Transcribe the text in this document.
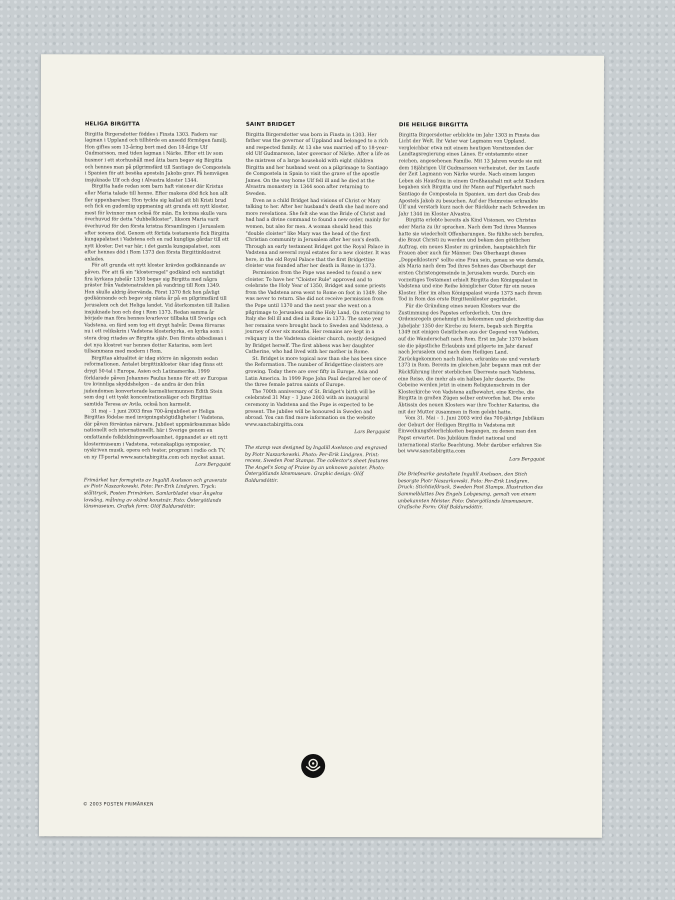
HELIGA BIRGITTA

Birgitta Birgersdotter föddes i Finsta 1303. Fadern var lagman i Uppland och tillhörde en ansedd förmögen familj. Hon giftes som 13-åring bort med den 18-årige Ulf Gudmarsson, med tiden lagman i Närke. Efter ett liv som husmor i ett storhushåll med åtta barn begav sig Birgitta och hennes man på pilgrimsfärd till Santiago de Compostela i Spanien för att besöka aposteln Jakobs grav. På hemvägen insjuknade Ulf och dog i Alvastra kloster 1344.

Birgitta hade redan som barn haft visioner där Kristus eller Maria talade till henne. Efter makens död fick hon allt fler uppenbarelser. Hon tyckte sig kallad att bli Kristi brud och fick en gudomlig uppmaning att grunda ett nytt kloster, mest för kvinnor men också för män. En kvinna skulle vara överhuvud för detta "dubbelkloster", liksom Maria varit överhuvud för den första kristna församlingen i Jerusalem efter sonens död. Genom ett förtida testamente fick Birgitta kungapalatset i Vadstena och en rad kungliga gårdar till ett nytt kloster. Det var här, i det gamla kungapalatset, som efter hennes död i Rom 1373 den första Birgittinklostret anlades.

För att grunda ett nytt kloster krävdes godkännande av påven. För att få sin "klosterregel" godkänd och samtidigt fira kyrkans jubelår 1350 begav sig Birgitta med några präster från Vadstenatrakten på vandring till Rom 1349. Hon skulle aldrig återvända. Först 1370 fick hon påvligt godkännande och begav sig nästa år på en pilgrimsfärd till Jerusalem och det Heliga landet. Vid återkomsten till Italien insjuknade hon och dog i Rom 1373. Redan samma år började man föra hennes kvarlevor tillbaka till Sverige och Vadstena, en färd som tog ett drygt halvår. Dessa förvaras nu i ett relikskrin i Vadstena klosterkyrka, en kyrka som i stora drag ritades av Birgitta själv. Den första abbedissan i det nya klostret var hennes dotter Katarina, som levt tillsammans med modern i Rom.

Birgittas aktualitet är idag större än någonsin sedan reformationen. Antalet birgittinkloster ökar idag finns ett drygt 50-tal i Europa, Asien och Latinamerika. 1999 förklarade påven Johannes Paulus henne för ett av Europas tre kvinnliga skyddshelgon – de andra är den från judendomen konverterade karmelitermunnen Edith Stein som dog i ett tyskt koncentrationsläger och Birgittas samtida Teresa av Avila, också hon karmelit.

31 maj – 1 juni 2003 firas 700-årsjubileet av Heliga Birgittas födelse med invigningshögtidligheter i Vadstena, där påven förväntas närvara. Jubileet uppmärksammas både nationellt och internationellt, här i Sverige genom en omfattande folkbildningsverksamhet, öppnandet av ett nytt klostermuseum i Vadstena, vetenskapliga symposier, nyskriven musik, opera och teater, program i radio och TV, en ny IT-portal www.sanctabirgitta.com och mycket annat.

Lars Bergquist
Frimärket har formgivits av Ingalill Axelsson och graverats av Piotr Naszarkowski. Foto: Per-Erik Lindgren. Tryck: stålttryck, Posten Frimärken. Samlarbladet visar Ängelns lovsång, målning av okänd konstnär. Foto: Östergötlands länsmuseum. Grafisk form: Olöf Baldursdóttir.
SAINT BRIDGET

Birgitta Birgersdotter was born in Finsta in 1303. Her father was the governor of Uppland and belonged to a rich and respected family. At 13 she was married off to 18-year-old Ulf Gudmarsson, later governor of Närke. After a life as the mistress of a large household with eight children Birgitta and her husband went on a pilgrimage to Santiago de Compostela in Spain to visit the grave of the apostle James. On the way home Ulf fell ill and he died at the Alvastra monastery in 1344 soon after returning to Sweden.

Even as a child Bridget had visions of Christ or Mary talking to her. After her husband's death she had more and more revelations. She felt she was the Bride of Christ and had had a divine command to found a new order, mainly for women, but also for men. A woman should head this "double cloister" like Mary was the head of the first Christian community in Jerusalem after her son's death. Through an early testament Bridget got the Royal Palace in Vadstena and several royal estates for a new cloister. It was here, in the old Royal Palace that the first Bridgettine cloister was founded after her death in Rome in 1373.

Permission from the Pope was needed to found a new cloister. To have her "Cloister Rule" approved and to celebrate the Holy Year of 1350, Bridget and some priests from the Vadstena area went to Rome on foot in 1349. She was never to return. She did not receive permission from the Pope until 1370 and the next year she went on a pilgrimage to Jerusalem and the Holy Land. On returning to Italy she fell ill and died in Rome in 1373. The same year her remains were brought back to Sweden and Vadstena, a journey of over six months. Her remains are kept in a reliquary in the Vadstena cloister church, mostly designed by Bridget herself. The first abbess was her daughter Catherine, who had lived with her mother in Rome.

St. Bridget is more topical now than she has been since the Reformation. The number of Bridgettine cloisters are growing. Today there are over fifty in Europe, Asia and Latin America. In 1999 Pope John Paul declared her one of the three female patron saints of Europe.

The 700th anniversary of St. Bridget's birth will be celebrated 31 May – 1 June 2003 with an inaugural ceremony in Vadstena and the Pope is expected to be present. The jubilee will be honoured in Sweden and abroad. You can find more information on the website www.sanctabirgitta.com

Lars Bergquist
The stamp was designed by Ingalill Axelsson and engraved by Piotr Naszarkowski. Photo: Per-Erik Lindgren. Print: recess, Sweden Post Stamps. The collector's sheet features The Angel's Song of Praise by an unknown painter. Photo: Östergötlands länsmuseum. Graphic design: Olöf Baldursdóttir.
DIE HEILIGE BIRGITTA

Birgitta Birgersdotter erblickte im Jahr 1303 in Finsta das Licht der Welt. Ihr Vater war Lagmann von Uppland, vergleichbar etwa mit einem heutigen Vorsitzenden der Landtagsregierung eines Länes. Er entstammte einer reichen, angesehenen Familie. Mit 13 Jahren wurde sie mit dem 18jährigen Ulf Gudmarsson verheiratet, der im Laufe der Zeit Lagmann von Närke wurde. Nach einem langen Leben als Hausfrau in einem Großhaushalt mit acht Kindern begaben sich Birgitta und ihr Mann auf Pilgerfahrt nach Santiago de Compostela in Spanien, um dort das Grab des Apostels Jakob zu besuchen. Auf der Heimreise erkrankte Ulf und verstarb kurz nach der Rückkehr nach Schweden im Jahr 1344 im Kloster Alvastra.

Birgitta erlebte bereits als Kind Visionen, wo Christus oder Maria zu ihr sprachen. Nach dem Tod ihres Mannes hatte sie wiederholt Offenbarungen. Sie fühlte sich berufen, die Braut Christi zu werden und bekam den göttlichen Auftrag, ein neues Kloster zu gründen, hauptsächlich für Frauen aber auch für Männer. Das Oberhaupt dieses „Doppelklosters" sollte eine Frau sein, genau so wie damals, als Maria nach dem Tod ihres Sohnes das Oberhaupt der ersten Christengemeinde in Jerusalem wurde. Durch ein vorzeitiges Testament erhielt Birgitta den Königspalast in Vadstena und eine Reihe königlicher Güter für ein neues Kloster. Hier im alten Königspalast wurde 1373 nach ihrem Tod in Rom das erste Birgittenkloster gegründet.

Für die Gründung eines neuen Klosters war die Zustimmung des Papstes erforderlich. Um ihre Ordensregeln genehmigt zu bekommen und gleichzeitig das Jubeljahr 1350 der Kirche zu feiern, begab sich Birgitta 1349 mit einigen Geistlichen aus der Gegend von Vadsten, auf die Wanderschaft nach Rom. Erst im Jahr 1370 bekam sie die päpstliche Erlaubnis und pilgerte im Jahr darauf nach Jerusalem und nach dem Heiligen Land. Zurückgekommen nach Italien, erkrankte sie und verstarb 1373 in Rom. Bereits im gleichen Jahr begann man mit der Rückführung ihrer sterblichen Überreste nach Vadstena, eine Reise, die mehr als ein halbes Jahr dauerte. Die Gebeine werden jetzt in einem Reliquienschrein in der Klosterkirche von Vadstena aufbewahrt, eine Kirche, die Birgitta in großen Zügen selber entworfen hat. Die erste Äbtissin des neuen Klosters war ihre Tochter Katarina, die mit der Mutter zusammen in Rom gelebt hatte.

Vom 31. Mai – 1. Juni 2003 wird das 700-jährige Jubiläum der Geburt der Heiligen Birgitta in Vadstena mit Einweihungsfeierlichkeiten begangen, zu denen man den Papst erwartet. Das Jubiläum findet national und international starke Beachtung. Mehr darüber erfahren Sie bei www.sanctabirgitta.com

Lars Bergquist
Die Briefmarke gestaltete Ingalill Axelsson, den Stich besorgte Piotr Naszarkowski. Foto: Per-Erik Lindgren. Druck: Stichtiefdruck, Sweden Post Stamps. Illustration des Sammelblattes Des Engels Lobgesang, gemalt von einem unbekannten Meister. Foto: Östergötlands länsmuseum. Grafische Form: Olöf Baldursdóttir.
© 2003 POSTEN FRIMÄRKEN
